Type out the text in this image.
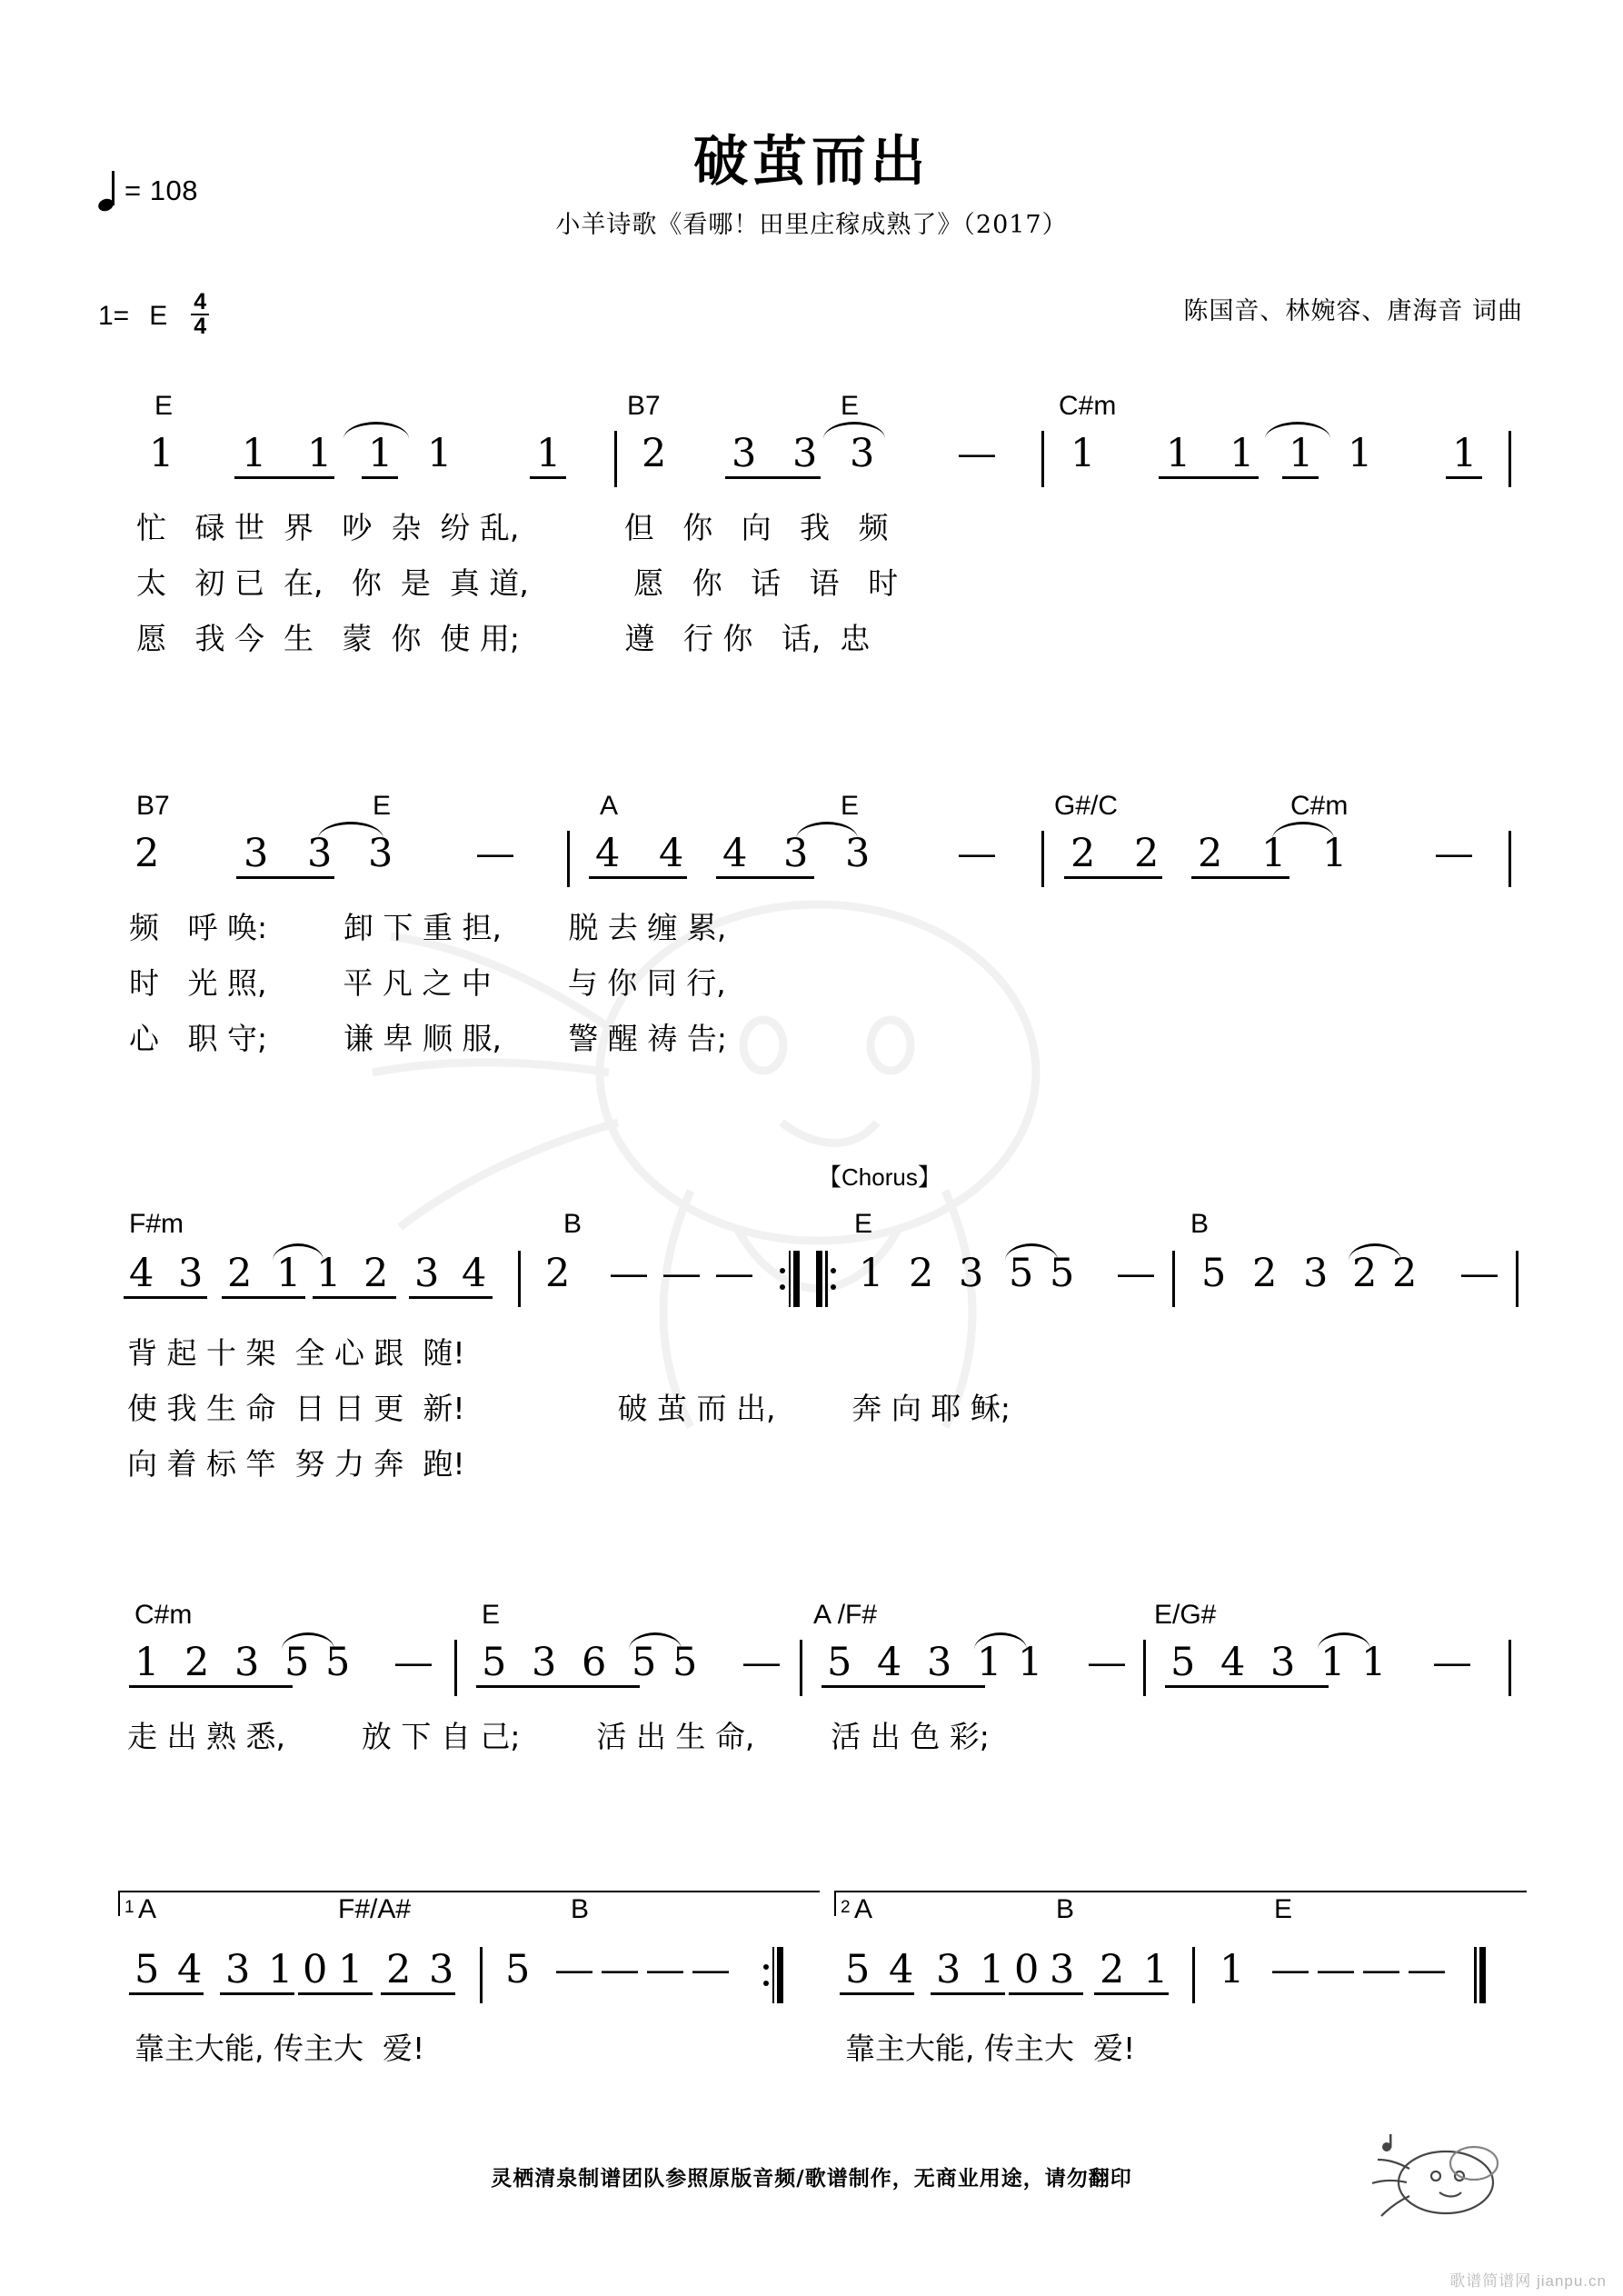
歌谱简谱网 jianpu.cn
= 108	破茧而出
小羊诗歌《看哪！田里庄稼成熟了》（2017）
陈国音、林婉容、唐海音 词曲
1= E $\frac{4}{4}$
E	B7	E	C#m
1 1 1 1 1 1 2 3 3 3 — 1 1 1 1 1 1
忙   碌 世  界   吵  杂  纷 乱,           但   你   向   我   频
太   初 已  在,   你  是  真 道,           愿   你   话   语   时
愿   我 今  生   蒙  你  使 用;           遵   行 你   话,  忠
B7	E	A	E	G#/C	C#m
2 3 3 3 — 4 4 4 3 3 — 2 2 2 1 1 —
频   呼 唤:        卸 下 重 担,       脱 去 缠 累,
时   光 照,        平 凡 之 中        与 你 同 行,
心   职 守;        谦 卑 顺 服,       警 醒 祷 告;
【Chorus】
F#m	B	E	B
4 3 2 1 1 2 3 4 2 — — —	1 2 3 5 5 — 5 2 3 2 2 —
背 起 十 架  全 心 跟  随!
使 我 生 命  日 日 更  新!                破 茧 而 出,        奔 向 耶 稣;
向 着 标 竿  努 力 奔  跑!
C#m	E	A /F#	E/G#
1 2 3 5 5 — 5 3 6 5 5 — 5 4 3 1 1 — 5 4 3 1 1 —
走 出 熟 悉,        放 下 自 己;        活 出 生 命,        活 出 色 彩;
1	2
A	F#/A#	B	A	B	E
5 4 3 1 0 1 2 3 5 — — — —	5 4 3 1 0 3 2 1 1 — — — —
靠主大能, 传主大  爱!	靠主大能, 传主大  爱!
灵栖清泉制谱团队参照原版音频/歌谱制作，无商业用途，请勿翻印
